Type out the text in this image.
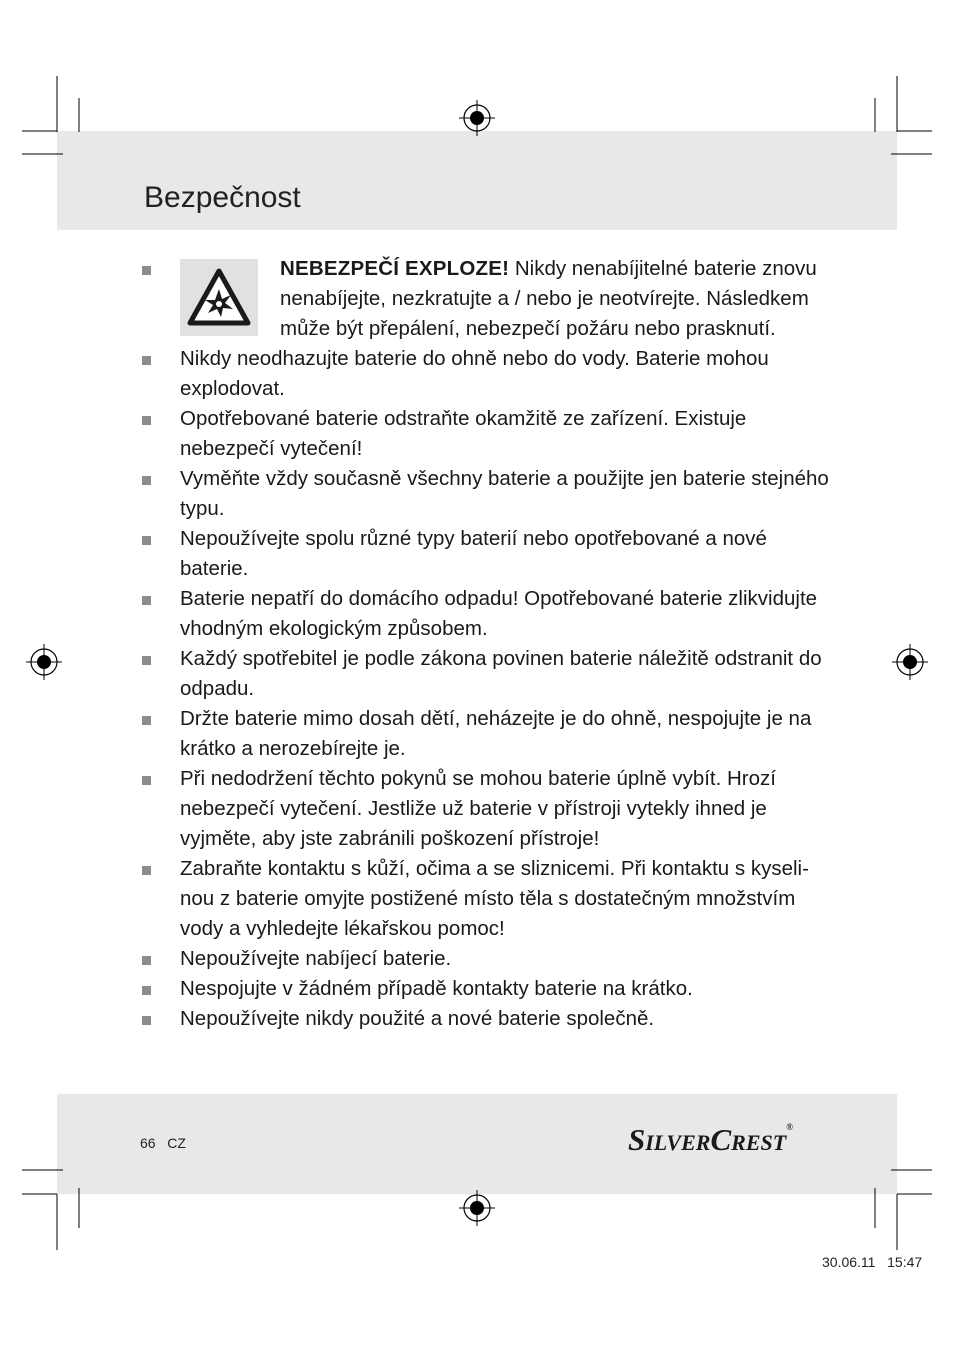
Bezpečnost
NEBEZPEČÍ EXPLOZE! Nikdy nenabíjitelné baterie znovu nenabíjejte, nezkratujte a / nebo je neotvírejte. Následkem může být přepálení, nebezpečí požáru nebo prasknutí.
Nikdy neodhazujte baterie do ohně nebo do vody. Baterie mohou explodovat.
Opotřebované baterie odstraňte okamžitě ze zařízení. Existuje nebezpečí vytečení!
Vyměňte vždy současně všechny baterie a použijte jen baterie stejného typu.
Nepoužívejte spolu různé typy baterií nebo opotřebované a nové baterie.
Baterie nepatří do domácího odpadu! Opotřebované baterie zlikvidujte vhodným ekologickým způsobem.
Každý spotřebitel je podle zákona povinen baterie náležitě odstranit do odpadu.
Držte baterie mimo dosah dětí, neházejte je do ohně, nespojujte je na krátko a nerozebírejte je.
Při nedodržení těchto pokynů se mohou baterie úplně vybít. Hrozí nebezpečí vytečení. Jestliže už baterie v přístroji vytekly ihned je vyjměte, aby jste zabránili poškození přístroje!
Zabraňte kontaktu s kůží, očima a se sliznicemi. Při kontaktu s kyselinou z baterie omyjte postižené místo těla s dostatečným množstvím vody a vyhledejte lékařskou pomoc!
Nepoužívejte nabíjecí baterie.
Nespojujte v žádném případě kontakty baterie na krátko.
Nepoužívejte nikdy použité a nové baterie společně.
66 CZ	SILVERCREST®
30.06.11 15:47
